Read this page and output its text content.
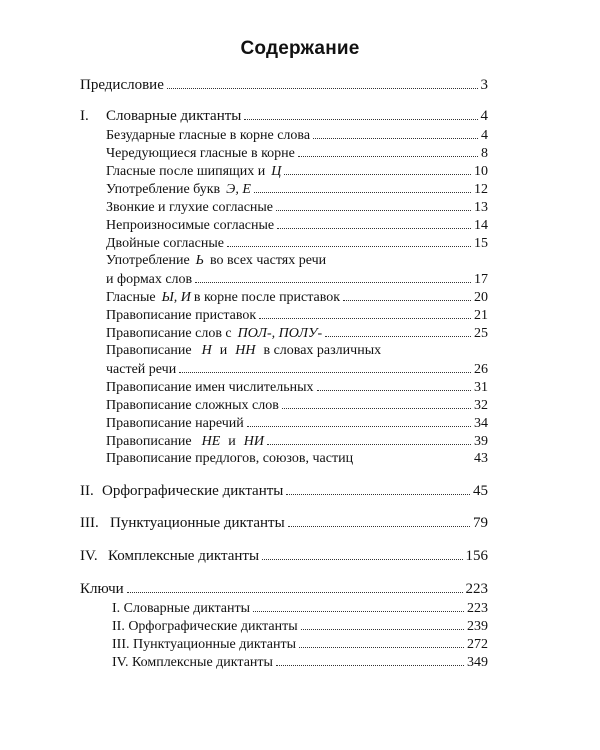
Содержание
Предисловие	3
I.	Словарные диктанты	4
Безударные гласные в корне слова	4
Чередующиеся гласные в корне	8
Гласные после шипящих и Ц	10
Употребление букв Э, Е	12
Звонкие и глухие согласные	13
Непроизносимые согласные	14
Двойные согласные	15
Употребление Ь во всех частях речи
и формах слов	17
Гласные Ы, И в корне после приставок	20
Правописание приставок	21
Правописание слов с ПОЛ-, ПОЛУ-	25
Правописание Н и НН в словах различных
частей речи	26
Правописание имен числительных	31
Правописание сложных слов	32
Правописание наречий	34
Правописание НЕ и НИ	39
Правописание предлогов, союзов, частиц	43
II. Орфографические диктанты	45
III. Пунктуационные диктанты	79
IV. Комплексные диктанты	156
Ключи	223
I. Словарные диктанты	223
II. Орфографические диктанты	239
III. Пунктуационные диктанты	272
IV. Комплексные диктанты	349
